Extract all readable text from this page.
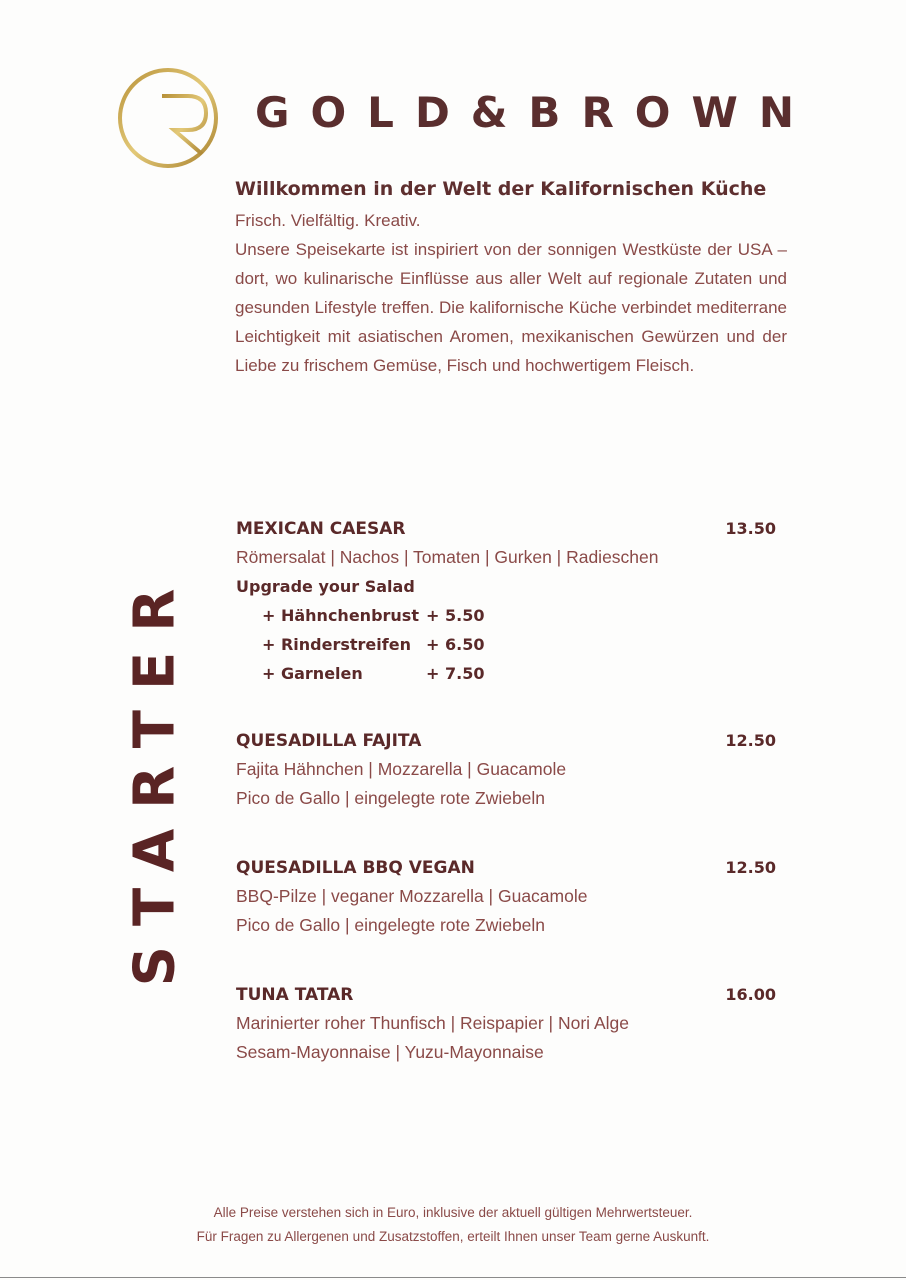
GOLD&BROWN
Willkommen in der Welt der Kalifornischen Küche

Frisch. Vielfältig. Kreativ.

Unsere Speisekarte ist inspiriert von der sonnigen Westküste der USA – dort, wo kulinarische Einflüsse aus aller Welt auf regionale Zutaten und gesunden Lifestyle treffen. Die kalifornische Küche verbindet mediterrane Leichtigkeit mit asiatischen Aromen, mexikanischen Gewürzen und der Liebe zu frischem Gemüse, Fisch und hochwertigem Fleisch.

STARTER
MEXICAN CAESAR	13.50

Römersalat | Nachos | Tomaten | Gurken | Radieschen

Upgrade your Salad
+ Hähnchenbrust + 5.50
+ Rinderstreifen + 6.50
+ Garnelen	+ 7.50
QUESADILLA FAJITA	12.50

Fajita Hähnchen | Mozzarella | Guacamole

Pico de Gallo | eingelegte rote Zwiebeln

QUESADILLA BBQ VEGAN	12.50

BBQ-Pilze | veganer Mozzarella | Guacamole

Pico de Gallo | eingelegte rote Zwiebeln

TUNA TATAR	16.00

Marinierter roher Thunfisch | Reispapier | Nori Alge

Sesam-Mayonnaise | Yuzu-Mayonnaise

Alle Preise verstehen sich in Euro, inklusive der aktuell gültigen Mehrwertsteuer.
Für Fragen zu Allergenen und Zusatzstoffen, erteilt Ihnen unser Team gerne Auskunft.
